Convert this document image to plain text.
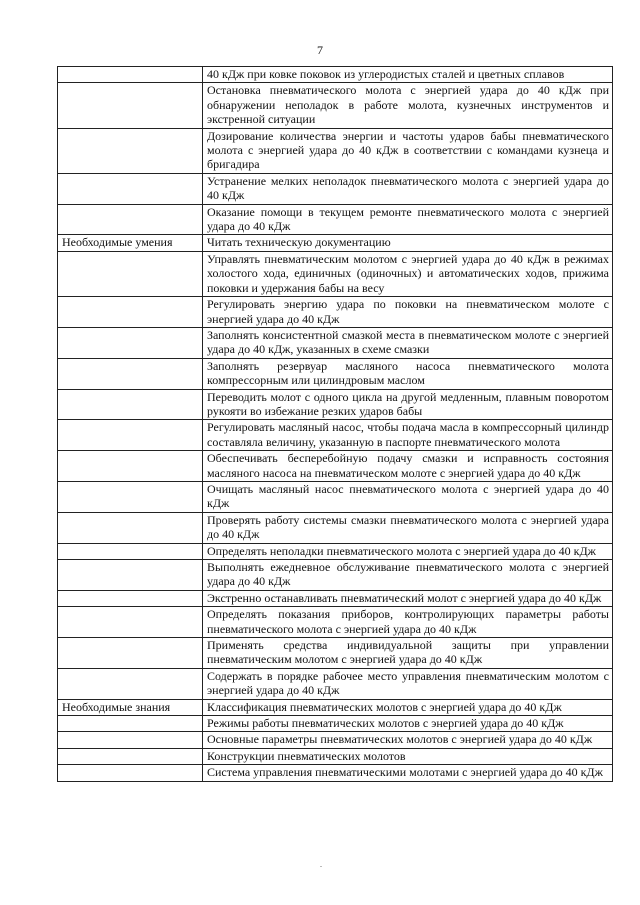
7
	40 кДж при ковке поковок из углеродистых сталей и цветных сплавов
	Остановка пневматического молота с энергией удара до 40 кДж при обнаружении неполадок в работе молота, кузнечных инструментов и экстренной ситуации
	Дозирование количества энергии и частоты ударов бабы пневматического молота с энергией удара до 40 кДж в соответствии с командами кузнеца и бригадира
	Устранение мелких неполадок пневматического молота с энергией удара до 40 кДж
	Оказание помощи в текущем ремонте пневматического молота с энергией удара до 40 кДж
Необходимые умения	Читать техническую документацию
	Управлять пневматическим молотом с энергией удара до 40 кДж в режимах холостого хода, единичных (одиночных) и автоматических ходов, прижима поковки и удержания бабы на весу
	Регулировать энергию удара по поковки на пневматическом молоте с энергией удара до 40 кДж
	Заполнять консистентной смазкой места в пневматическом молоте с энергией удара до 40 кДж, указанных в схеме смазки
	Заполнять резервуар масляного насоса пневматического молота компрессорным или цилиндровым маслом
	Переводить молот с одного цикла на другой медленным, плавным поворотом рукояти во избежание резких ударов бабы
	Регулировать масляный насос, чтобы подача масла в компрессорный цилиндр составляла величину, указанную в паспорте пневматического молота
	Обеспечивать бесперебойную подачу смазки и исправность состояния масляного насоса на пневматическом молоте с энергией удара до 40 кДж
	Очищать масляный насос пневматического молота с энергией удара до 40 кДж
	Проверять работу системы смазки пневматического молота с энергией удара до 40 кДж
	Определять неполадки пневматического молота с энергией удара до 40 кДж
	Выполнять ежедневное обслуживание пневматического молота с энергией удара до 40 кДж
	Экстренно останавливать пневматический молот с энергией удара до 40 кДж
	Определять показания приборов, контролирующих параметры работы пневматического молота с энергией удара до 40 кДж
	Применять средства индивидуальной защиты при управлении пневматическим молотом с энергией удара до 40 кДж
	Содержать в порядке рабочее место управления пневматическим молотом с энергией удара до 40 кДж
Необходимые знания	Классификация пневматических молотов с энергией удара до 40 кДж
	Режимы работы пневматических молотов с энергией удара до 40 кДж
	Основные параметры пневматических молотов с энергией удара до 40 кДж
	Конструкции пневматических молотов
	Система управления пневматическими молотами с энергией удара до 40 кДж
